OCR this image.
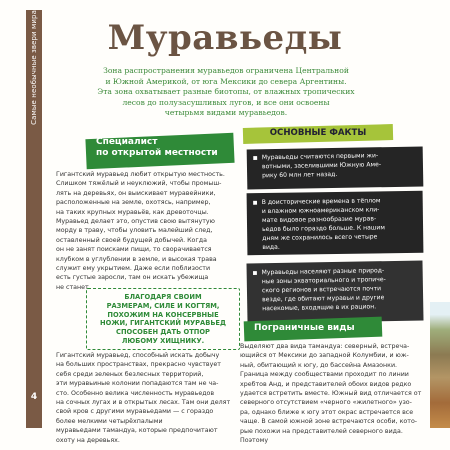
Самые необычные звери мира
4
Муравьеды
Зона распространения муравьедов ограничена Центральной
и Южной Америкой, от юга Мексики до севера Аргентины.
Эта зона охватывает разные биотопы, от влажных тропических
лесов до полузасушливых лугов, и все они освоены
четырьмя видами муравьедов.
Специалист
по открытой местности
Гигантский муравьед любит открытую местность.
Слишком тяжёлый и неуклюжий, чтобы промыш-
лять на деревьях, он выискивает муравейники,
расположенные на земле, охотясь, например,
на таких крупных муравьёв, как древоточцы.
Муравьед делает это, опустив свою вытянутую
морду в траву, чтобы уловить малейший след,
оставленный своей будущей добычей. Когда
он не занят поисками пищи, то сворачивается
клубком в углублении в земле, и высокая трава
служит ему укрытием. Даже если поблизости
есть густые заросли, там он искать убежища
не станет.
БЛАГОДАРЯ СВОИМ
РАЗМЕРАМ, СИЛЕ И КОГТЯМ,
ПОХОЖИМ НА КОНСЕРВНЫЕ
НОЖИ, ГИГАНТСКИЙ МУРАВЬЕД
СПОСОБЕН ДАТЬ ОТПОР
ЛЮБОМУ ХИЩНИКУ.
Гигантский муравьед, способный искать добычу
на больших пространствах, прекрасно чувствует
себя среди зеленых безлесных территорий,
эти муравьиные колонии попадаются там не ча-
сто. Особенно велика численность муравьедов
на сочных лугах и в открытых лесах. Там они делят
свой кров с другими муравьедами — с гораздо
более мелкими четырёхпалыми
муравьедами тамандуа, которые предпочитают
охоту на деревьях.
ОСНОВНЫЕ ФАКТЫ
■ Муравьеды считаются первыми жи-
вотными, заселившими Южную Аме-
рику 60 млн лет назад.
■ В доисторические времена в тёплом
и влажном южноамериканском кли-
мате видовое разнообразие мурав-
ьедов было гораздо больше. К нашим
дням же сохранилось всего четыре
вида.
■ Муравьеды населяют разные природ-
ные зоны экваториального и тропиче-
ского регионов и встречаются почти
везде, где обитают муравьи и другие
насекомые, входящие в их рацион.
Пограничные виды
Выделяют два вида тамандуа: северный, встреча-
ющийся от Мексики до западной Колумбии, и юж-
ный, обитающий к югу, до бассейна Амазонки.
Граница между сообществами проходит по линии
хребтов Анд, и представителей обоих видов редко
удается встретить вместе. Южный вид отличается от
северного отсутствием «черного «жилетного» узо-
ра, однако ближе к югу этот окрас встречается все
чаще. В самой южной зоне встречаются особи, кото-
рые похожи на представителей северного вида. Поэтому
